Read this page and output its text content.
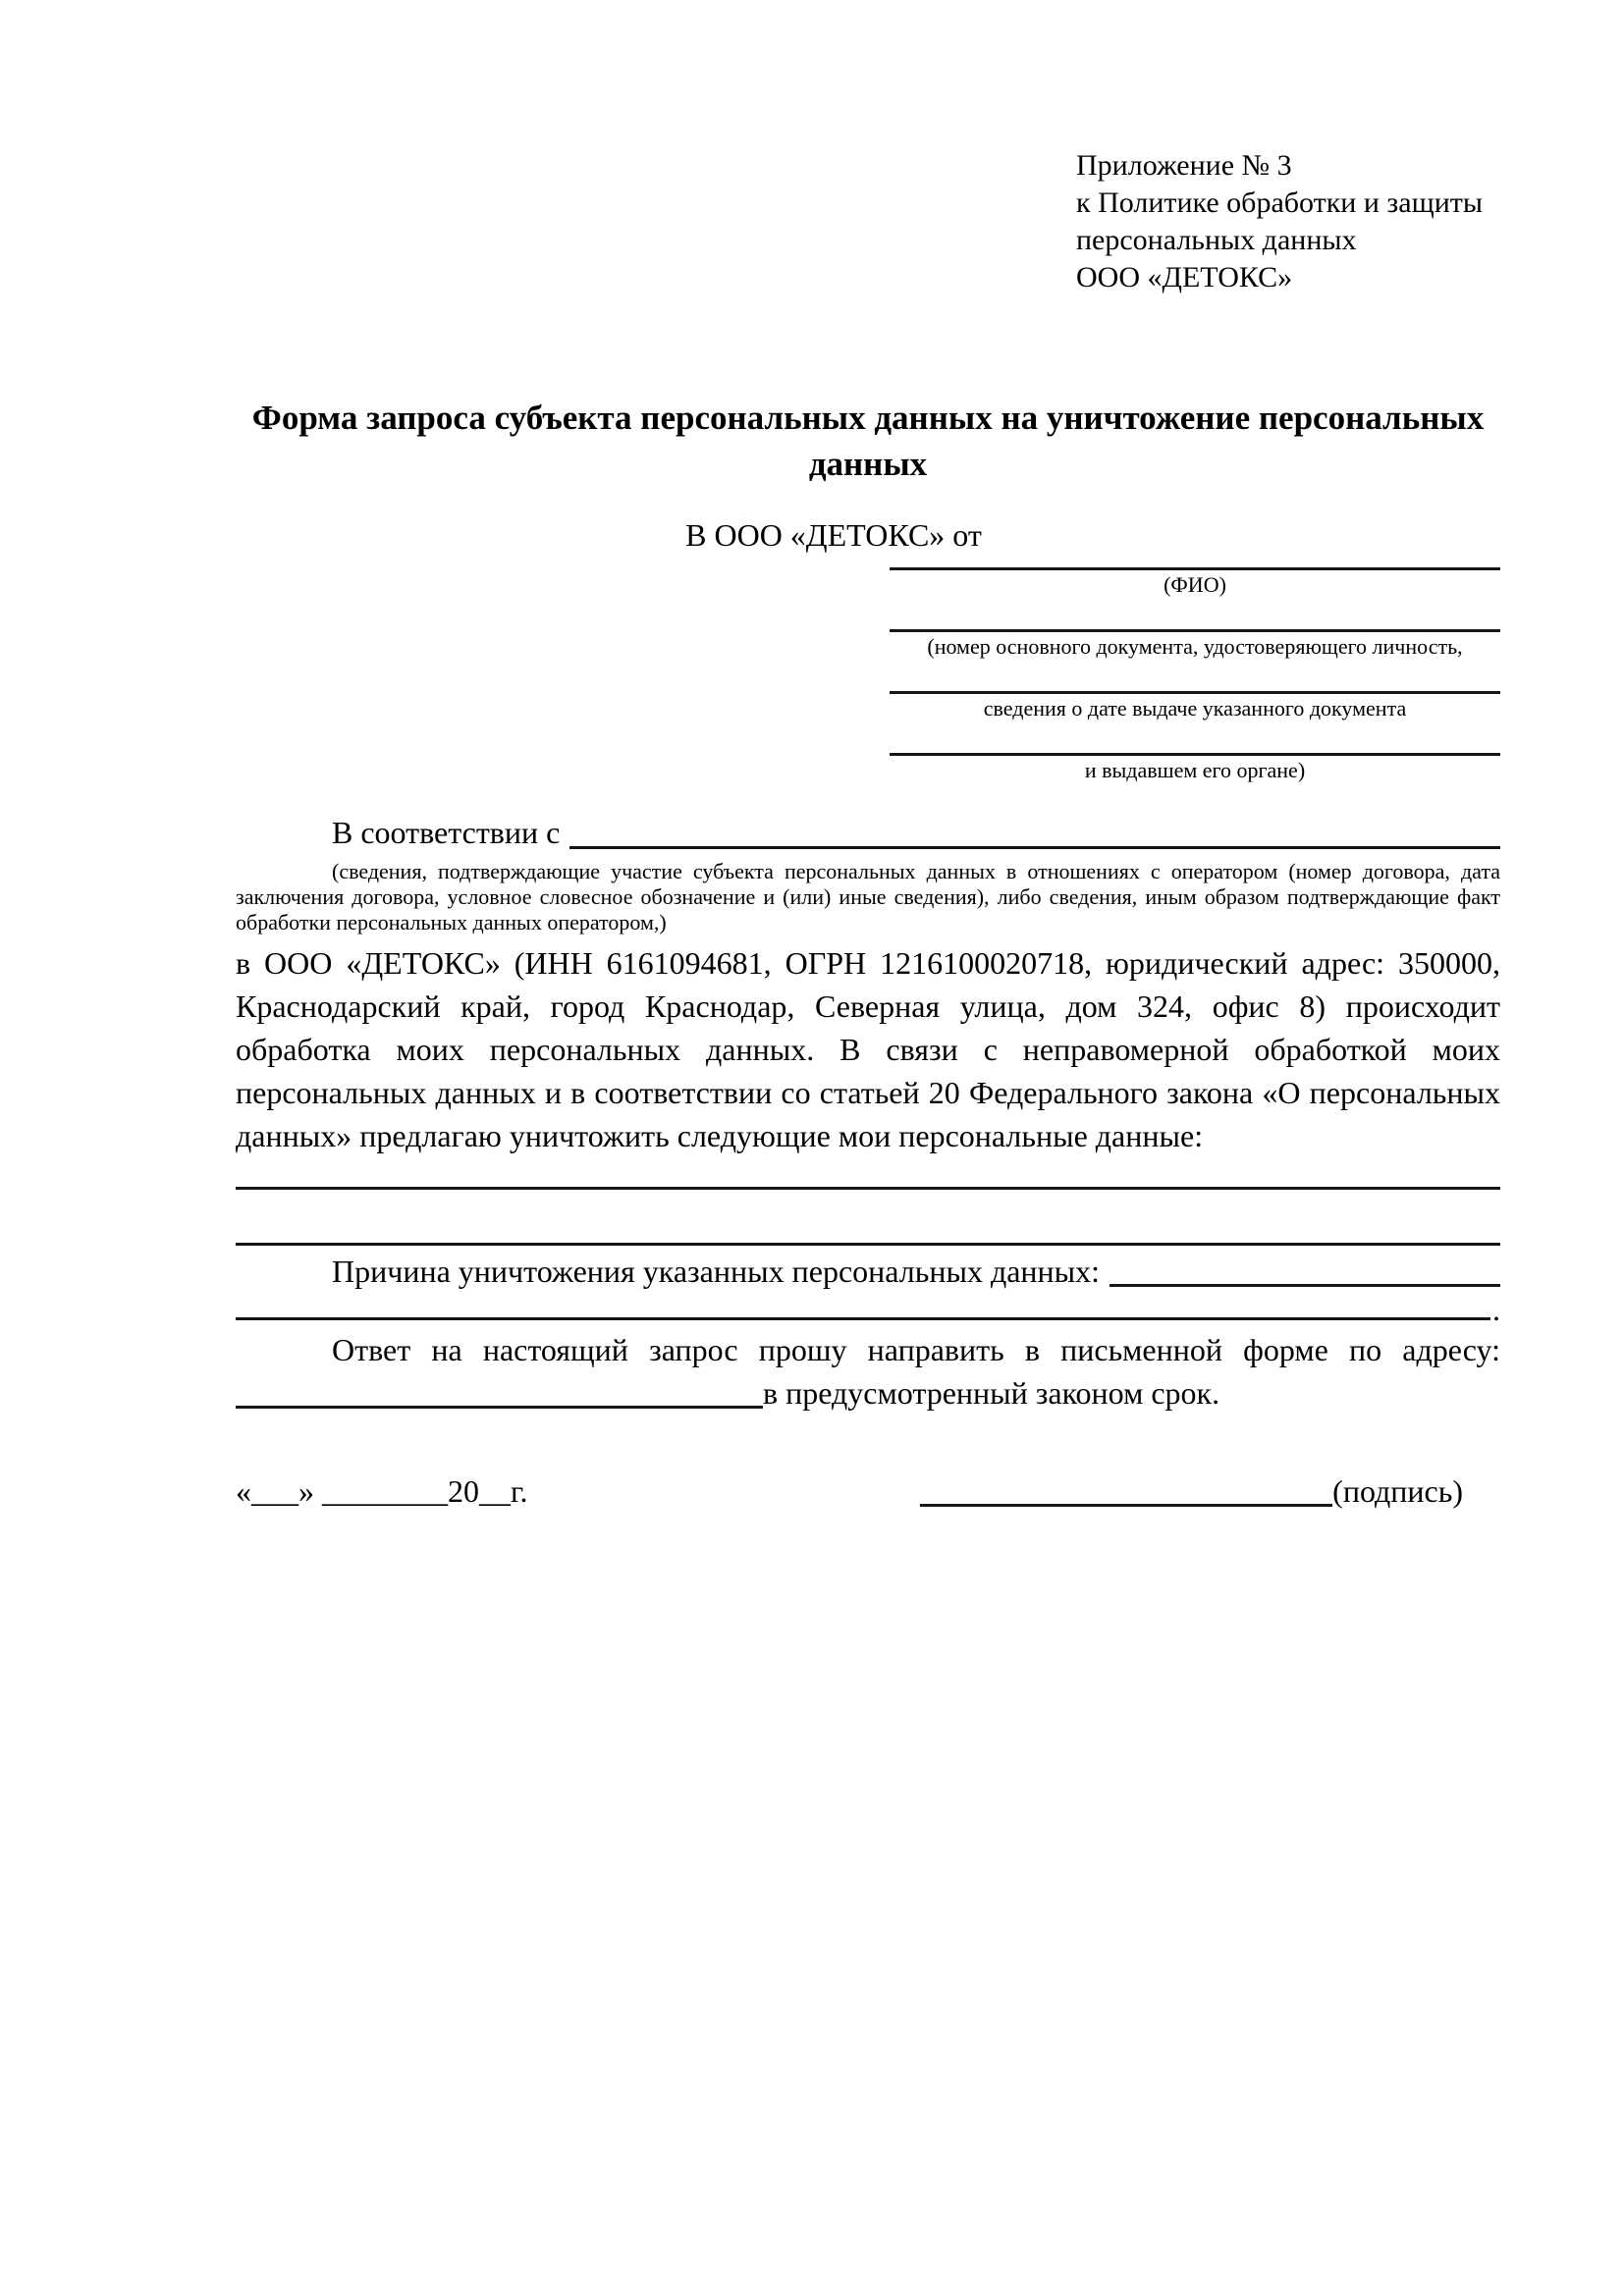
Приложение № 3
к Политике обработки и защиты
персональных данных
ООО «ДЕТОКС»
Форма запроса субъекта персональных данных на уничтожение персональных данных
В ООО «ДЕТОКС» от
(ФИО)
(номер основного документа, удостоверяющего личность,
сведения о дате выдаче указанного документа
и выдавшем его органе)
В соответствии с
(сведения, подтверждающие участие субъекта персональных данных в отношениях с оператором (номер договора, дата заключения договора, условное словесное обозначение и (или) иные сведения), либо сведения, иным образом подтверждающие факт обработки персональных данных оператором,)

в ООО «ДЕТОКС» (ИНН 6161094681, ОГРН 1216100020718, юридический адрес: 350000, Краснодарский край, город Краснодар, Северная улица, дом 324, офис 8) происходит обработка моих персональных данных. В связи с неправомерной обработкой моих персональных данных и в соответствии со статьей 20 Федерального закона «О персональных данных» предлагаю уничтожить следующие мои персональные данные:

Причина уничтожения указанных персональных данных:
.

Ответ на настоящий запрос прошу направить в письменной форме по адресу:

в предусмотренный законом срок.
«___» ________20__г.	(подпись)
